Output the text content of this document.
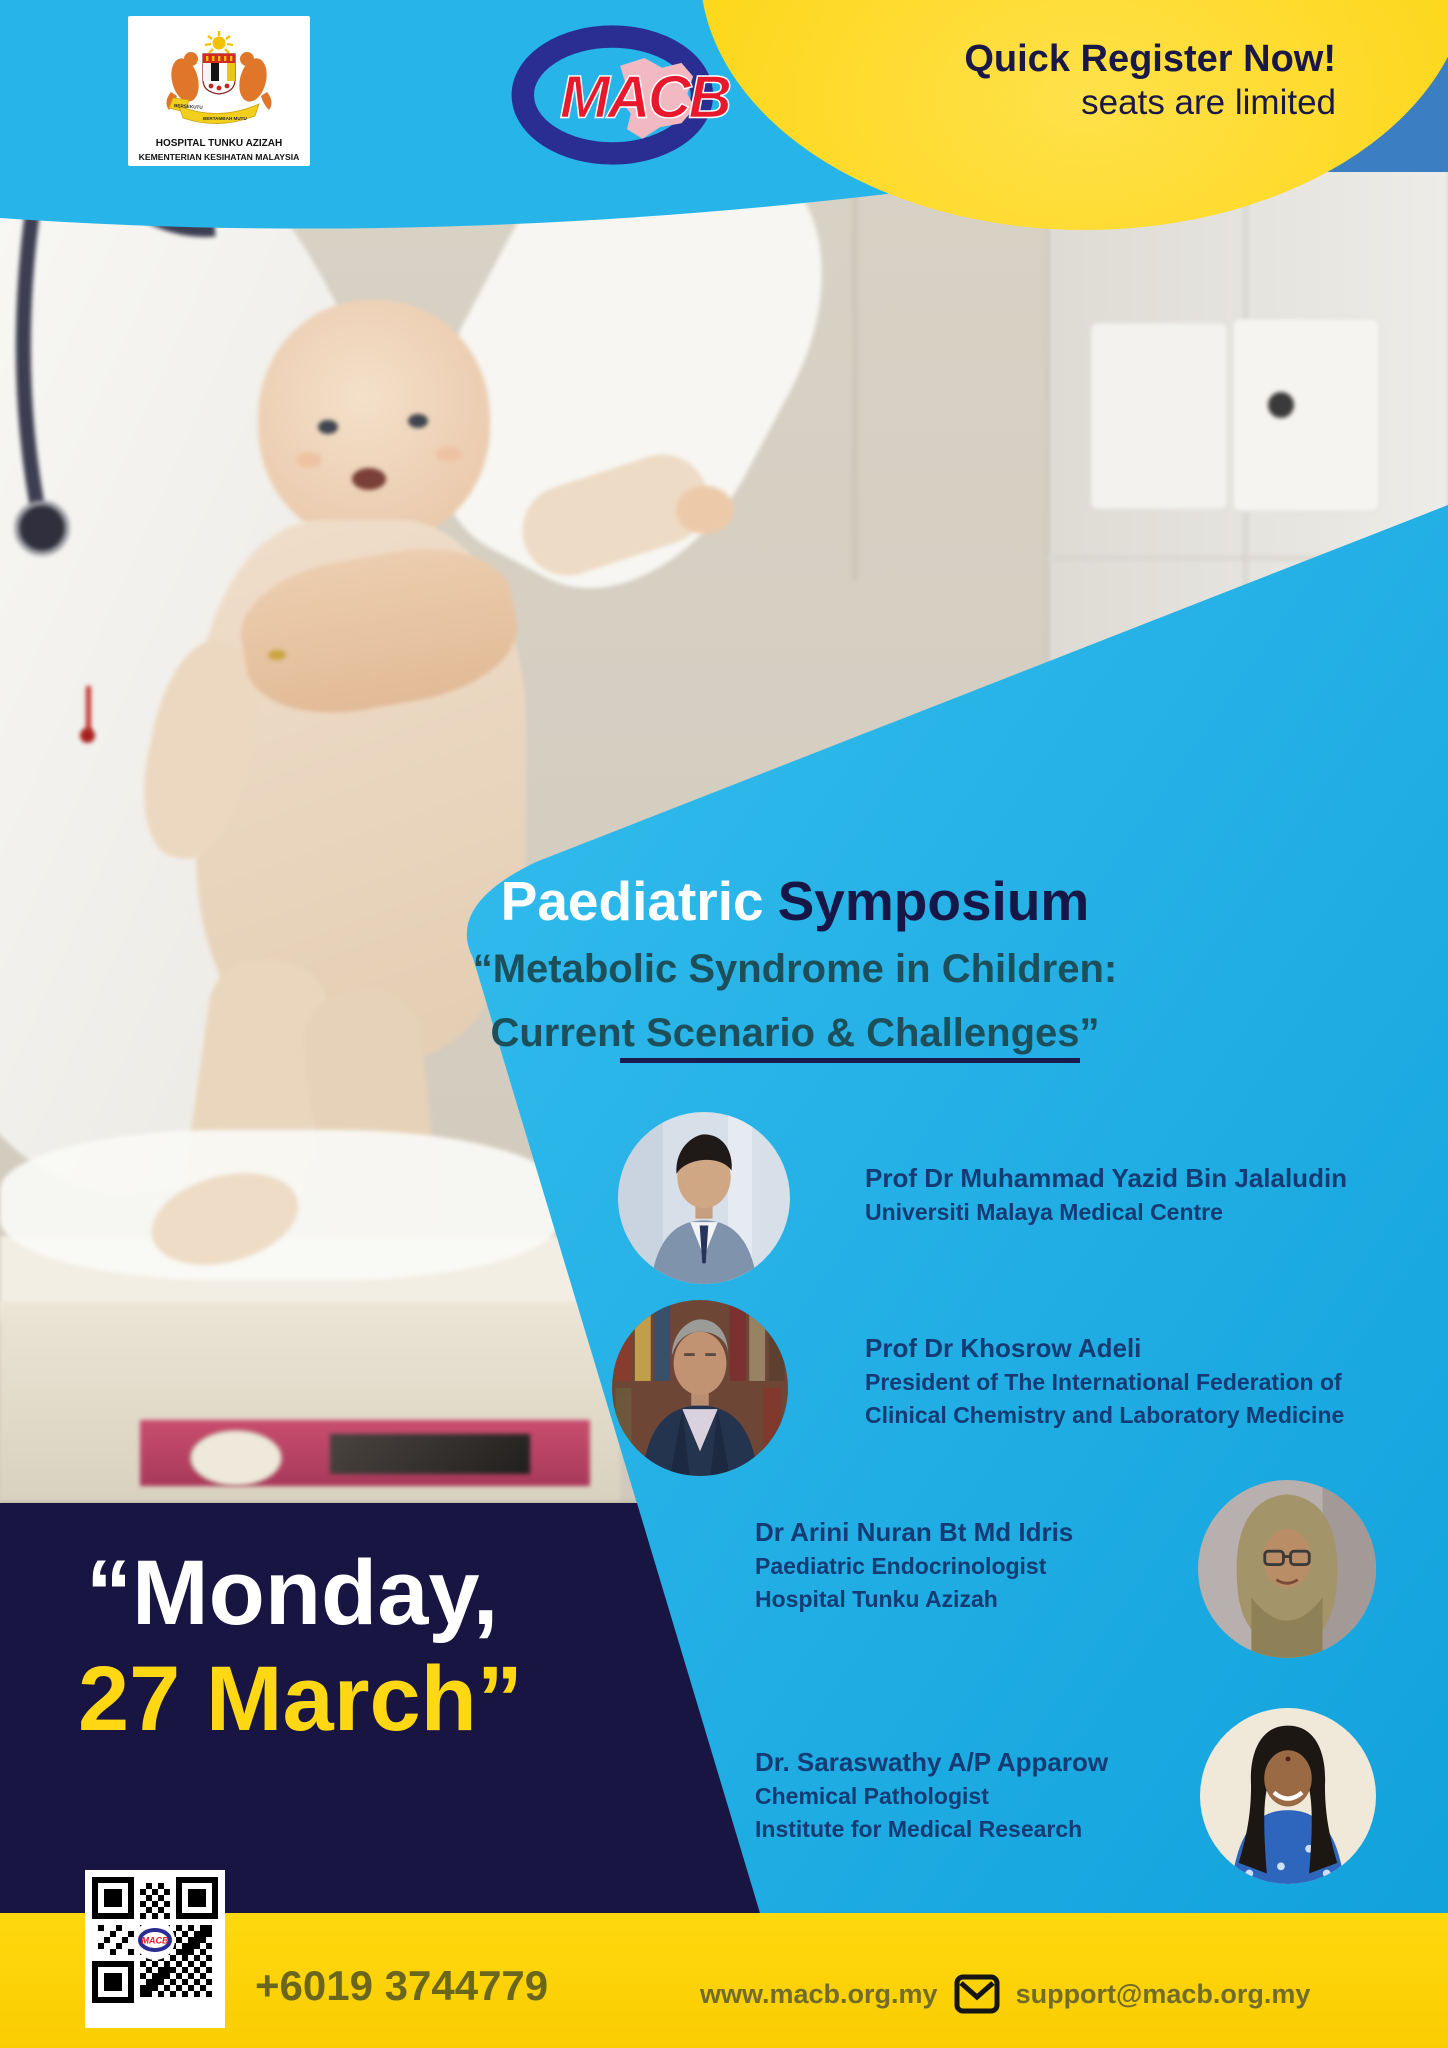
BERSEKUTU
BERTAMBAH MUTU
HOSPITAL TUNKU AZIZAH
KEMENTERIAN KESIHATAN MALAYSIA
MACB
Quick Register Now!
seats are limited
Paediatric Symposium
“Metabolic Syndrome in Children:
Current Scenario & Challenges”
Prof Dr Muhammad Yazid Bin Jalaludin
Universiti Malaya Medical Centre
Prof Dr Khosrow Adeli
President of The International Federation of
Clinical Chemistry and Laboratory Medicine
Dr Arini Nuran Bt Md Idris
Paediatric Endocrinologist
Hospital Tunku Azizah
Dr. Saraswathy A/P Apparow
Chemical Pathologist
Institute for Medical Research
“Monday,
27 March”
MACB
+6019 3744779	www.macb.org.my	support@macb.org.my
